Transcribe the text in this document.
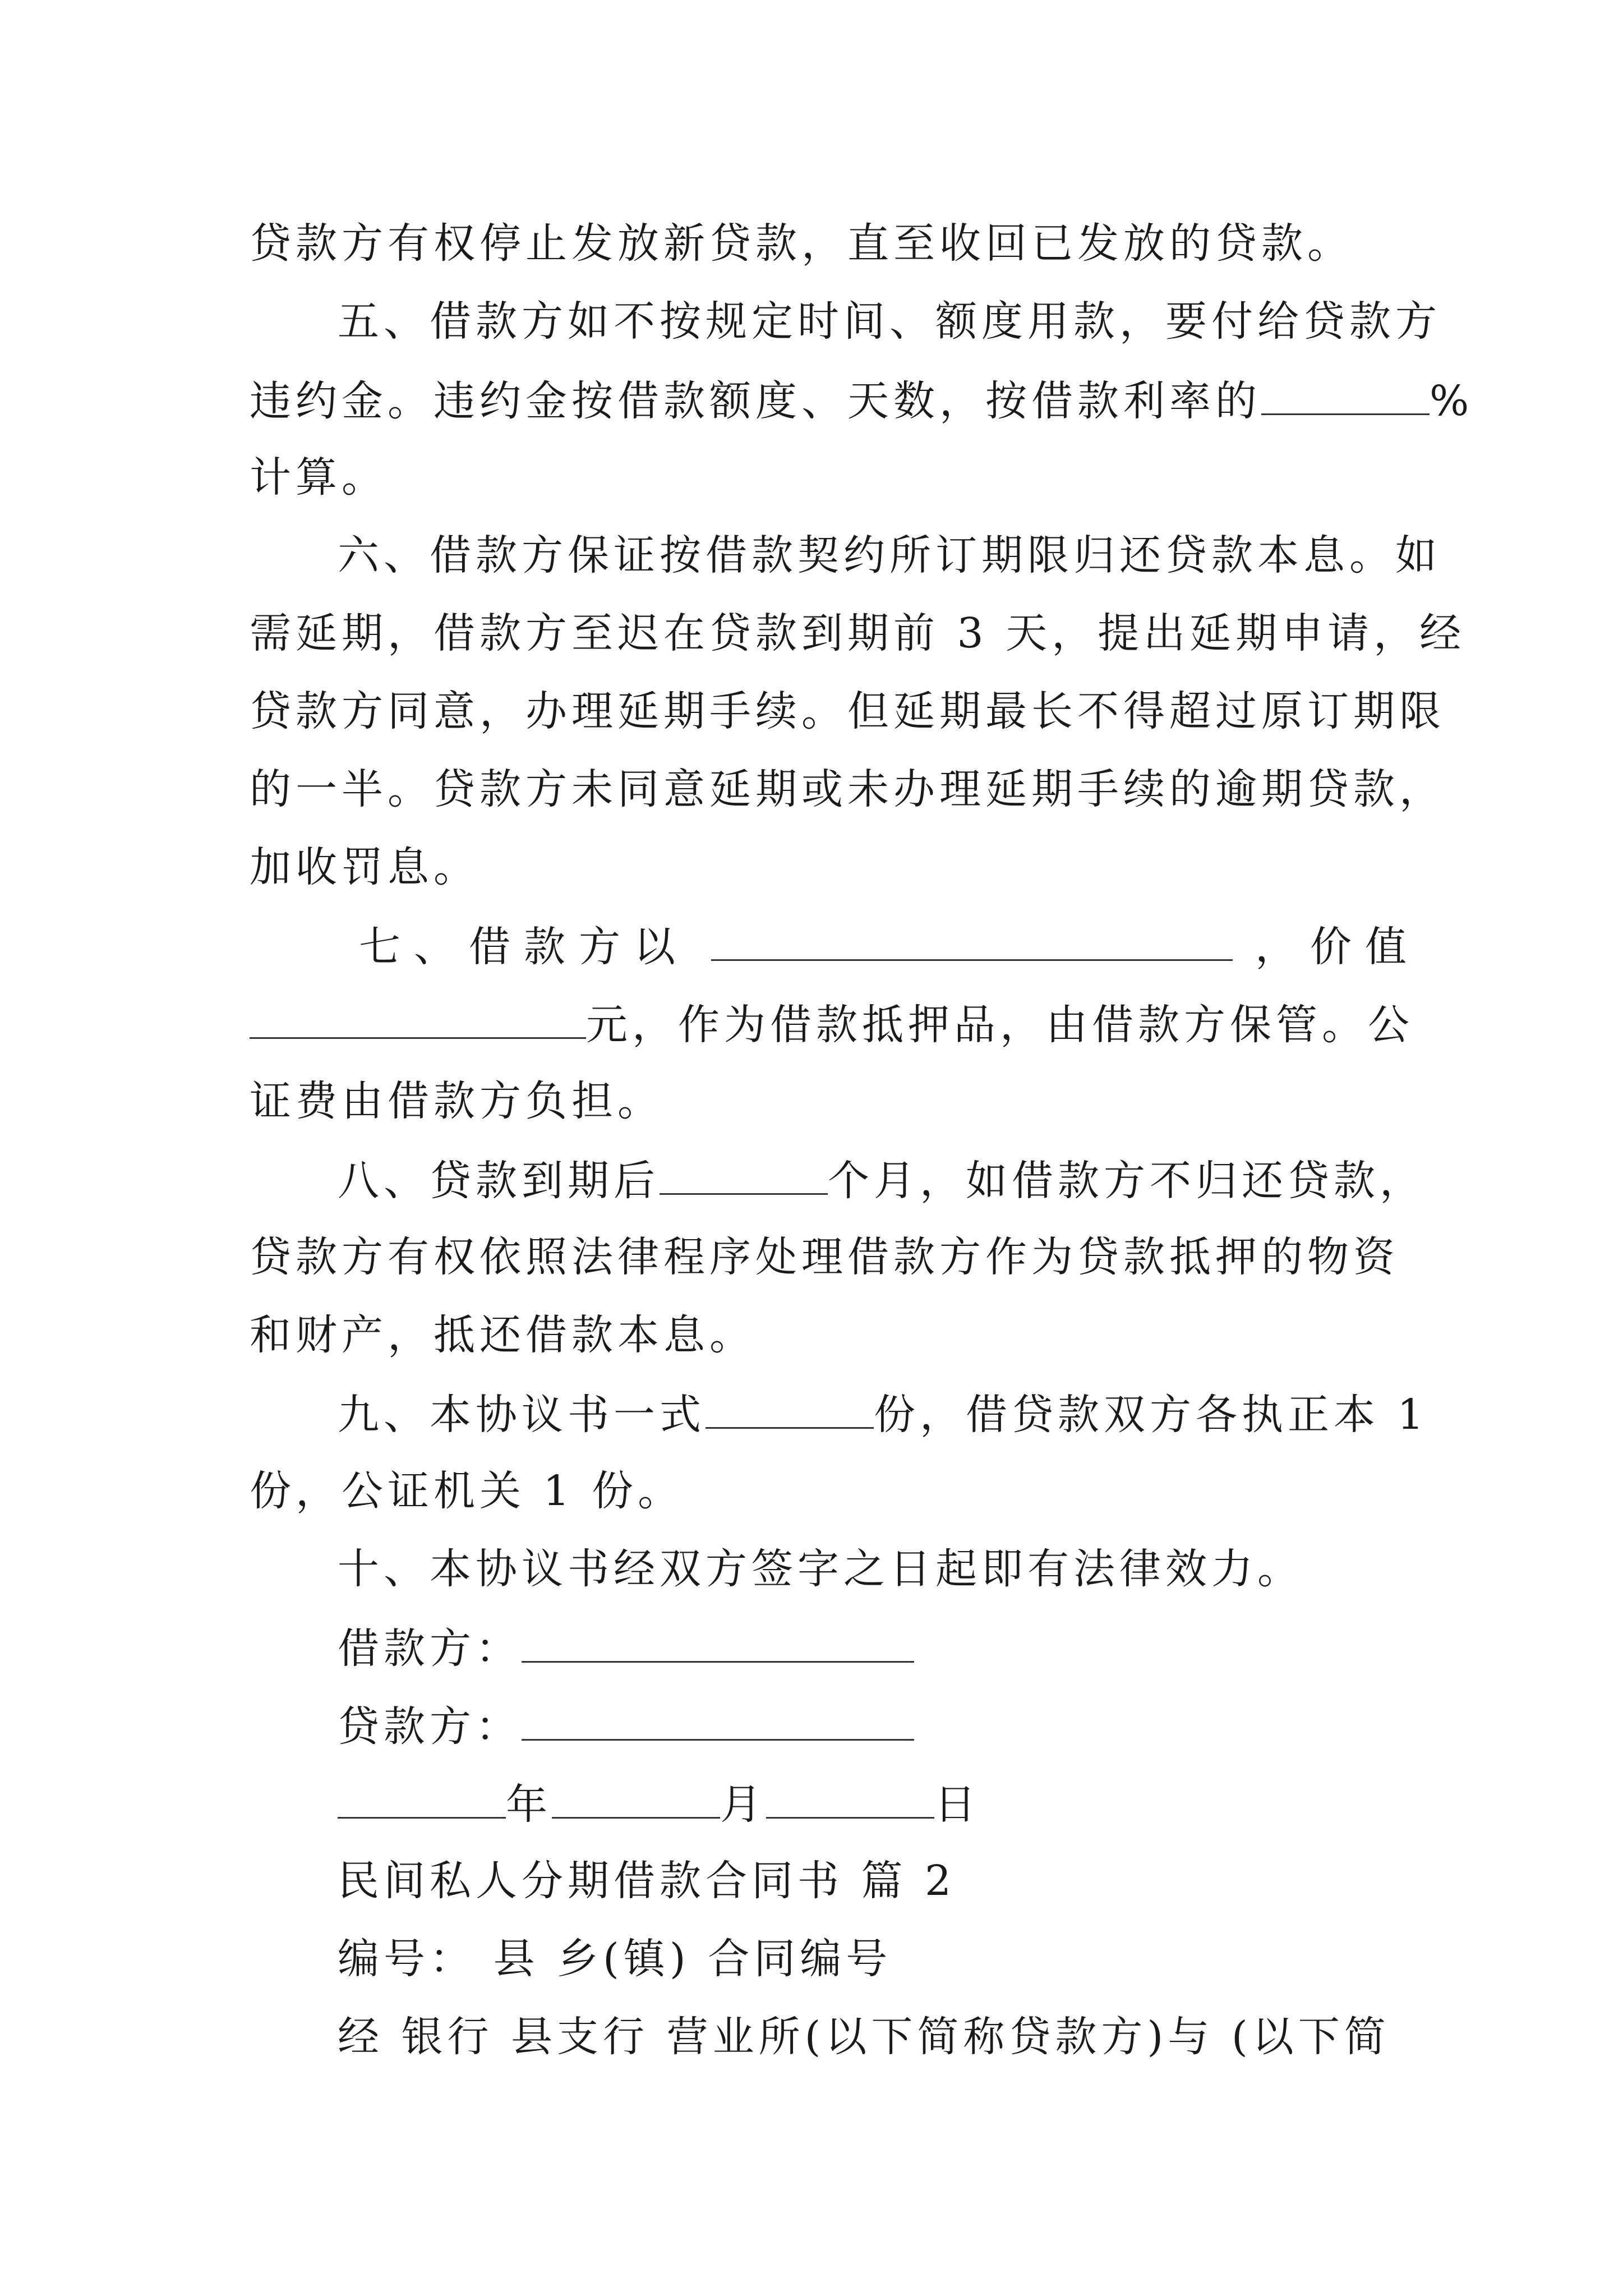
贷款方有权停止发放新贷款，直至收回已发放的贷款。
五、借款方如不按规定时间、额度用款，要付给贷款方
违约金。违约金按借款额度、天数，按借款利率的	%
计算。
六、借款方保证按借款契约所订期限归还贷款本息。如
需延期，借款方至迟在贷款到期前 3 天，提出延期申请，经
贷款方同意，办理延期手续。但延期最长不得超过原订期限
的一半。贷款方未同意延期或未办理延期手续的逾期贷款，
加收罚息。
七、借款方以	，价值
元，作为借款抵押品，由借款方保管。公
证费由借款方负担。
八、贷款到期后	个月，如借款方不归还贷款，
贷款方有权依照法律程序处理借款方作为贷款抵押的物资
和财产，抵还借款本息。
九、本协议书一式	份，借贷款双方各执正本 1
份，公证机关 1 份。
十、本协议书经双方签字之日起即有法律效力。
借款方：
贷款方：
年	月	日
民间私人分期借款合同书 篇 2
编号： 县 乡(镇) 合同编号
经 银行 县支行 营业所(以下简称贷款方)与 (以下简
